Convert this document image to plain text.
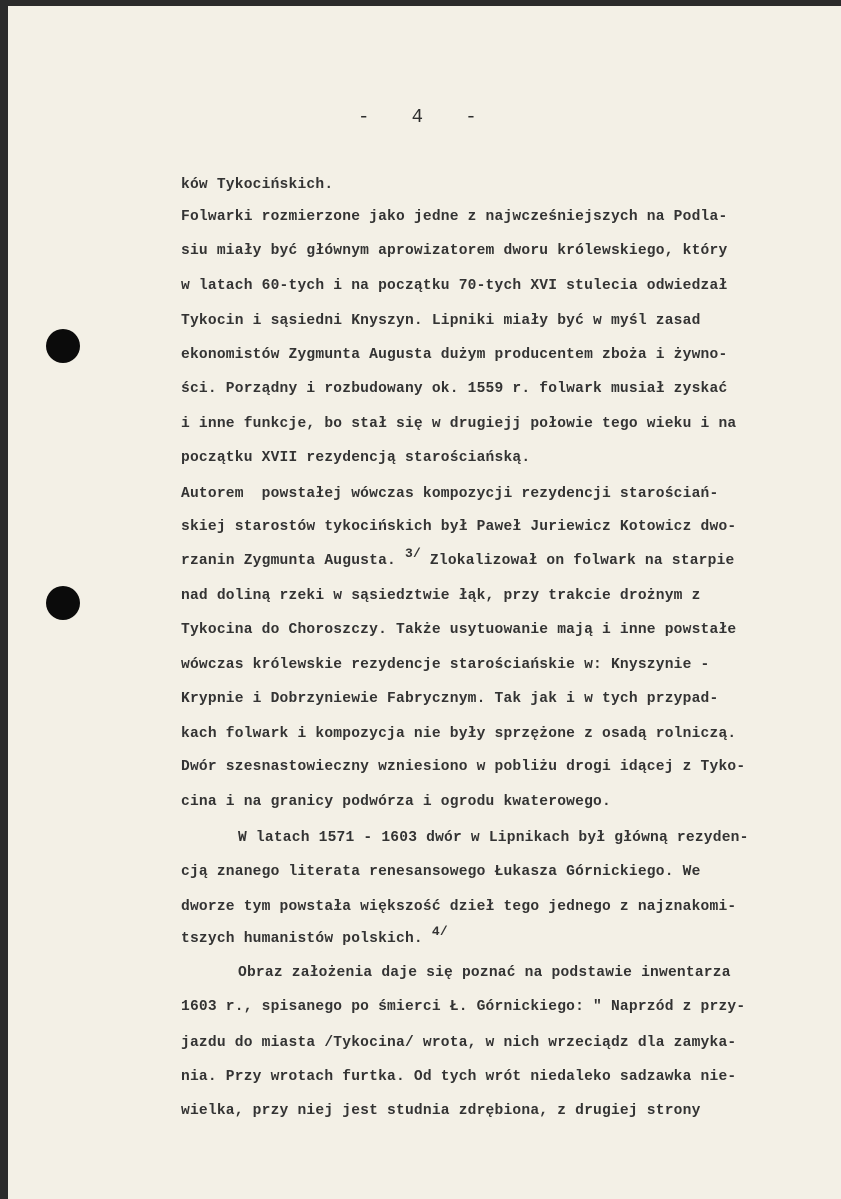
-   4   -

ków Tykocińskich.

Folwarki rozmierzone jako jedne z najwcześniejszych na Podla-

siu miały być głównym aprowizatorem dworu królewskiego, który

w latach 60-tych i na początku 70-tych XVI stulecia odwiedzał

Tykocin i sąsiedni Knyszyn. Lipniki miały być w myśl zasad

ekonomistów Zygmunta Augusta dużym producentem zboża i żywno-

ści. Porządny i rozbudowany ok. 1559 r. folwark musiał zyskać

i inne funkcje, bo stał się w drugiejj połowie tego wieku i na

początku XVII rezydencją starościańską.

Autorem  powstałej wówczas kompozycji rezydencji starościań-

skiej starostów tykocińskich był Paweł Juriewicz Kotowicz dwo-

rzanin Zygmunta Augusta. 3/ Zlokalizował on folwark na starpie

nad doliną rzeki w sąsiedztwie łąk, przy trakcie drożnym z

Tykocina do Choroszczy. Także usytuowanie mają i inne powstałe

wówczas królewskie rezydencje starościańskie w: Knyszynie -

Krypnie i Dobrzyniewie Fabrycznym. Tak jak i w tych przypad-

kach folwark i kompozycja nie były sprzężone z osadą rolniczą.

Dwór szesnastowieczny wzniesiono w pobliżu drogi idącej z Tyko-

cina i na granicy podwórza i ogrodu kwaterowego.

W latach 1571 - 1603 dwór w Lipnikach był główną rezyden-

cją znanego literata renesansowego Łukasza Górnickiego. We

dworze tym powstała większość dzieł tego jednego z najznakomi-

tszych humanistów polskich. 4/

Obraz założenia daje się poznać na podstawie inwentarza

1603 r., spisanego po śmierci Ł. Górnickiego: " Naprzód z przy-

jazdu do miasta /Tykocina/ wrota, w nich wrzeciądz dla zamyka-

nia. Przy wrotach furtka. Od tych wrót niedaleko sadzawka nie-

wielka, przy niej jest studnia zdrębiona, z drugiej strony
